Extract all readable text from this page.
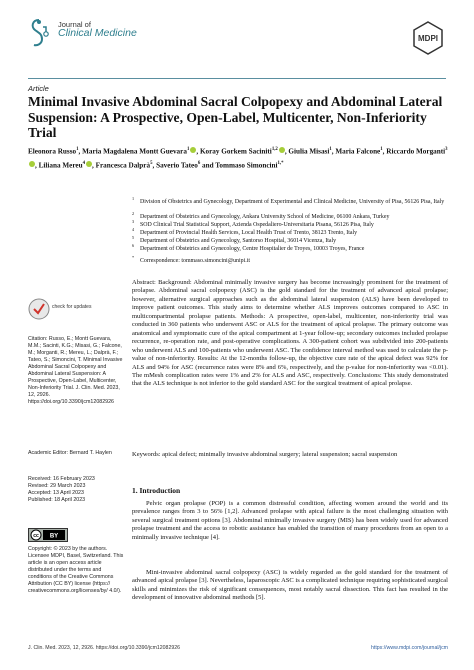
Journal of
Clinical Medicine	MDPI
Article
Minimal Invasive Abdominal Sacral Colpopexy and Abdominal Lateral Suspension: A Prospective, Open-Label, Multicenter, Non-Inferiority Trial
Eleonora Russo$^1$, Maria Magdalena Montt Guevara$^1$ , Koray Gorkem Saciniti$^{1,2}$ , Giulia Misasi$^1$, Maria Falcone$^1$, Riccardo Morganti$^3$, Liliana Mereu$^4$ , Francesca Dalprà$^5$, Saverio Tateo$^6$ and Tommaso Simoncini$^{1,*}$
$^1$Division of Obstetrics and Gynecology, Department of Experimental and Clinical Medicine, University of Pisa, 56126 Pisa, Italy
$^2$Department of Obstetrics and Gynecology, Ankara University School of Medicine, 06100 Ankara, Turkey
$^3$SOD Clinical Trial Statistical Support, Azienda Ospedaliero-Universitaria Pisana, 56126 Pisa, Italy
$^4$Department of Provincial Health Services, Local Health Trust of Trento, 38123 Trento, Italy
$^5$Department of Obstetrics and Gynecology, Santorso Hospital, 36014 Vicenza, Italy
$^6$Department of Obstetrics and Gynecology, Centre Hospitalier de Troyes, 10003 Troyes, France
*Correspondence: tommaso.simoncini@unipi.it
Abstract: Background: Abdominal minimally invasive surgery has become increasingly prominent for the treatment of prolapse. Abdominal sacral colpopexy (ASC) is the gold standard for the treatment of advanced apical prolapse; however, alternative surgical approaches such as the abdominal lateral suspension (ALS) have been developed to improve patient outcomes. This study aims to determine whether ALS improves outcomes compared to ASC in multicompartmental prolapse patients. Methods: A prospective, open-label, multicenter, non-inferiority trial was conducted in 360 patients who underwent ASC or ALS for the treatment of apical prolapse. The primary outcome was anatomical and symptomatic cure of the apical compartment at 1-year follow-up; secondary outcomes included prolapse recurrence, re-operation rate, and post-operative complications. A 300-patient cohort was subdivided into 200-patients who underwent ALS and 100-patients who underwent ASC. The confidence interval method was used to calculate the p-value of non-inferiority. Results: At the 12-months follow-up, the objective cure rate of the apical defect was 92% for ALS and 94% for ASC (recurrence rates were 8% and 6%, respectively, and the p-value for non-inferiority was <0.01). The mMesh complication rates were 1% and 2% for ALS and ASC, respectively. Conclusions: This study demonstrated that the ALS technique is not inferior to the gold standard ASC for the surgical treatment of apical prolapse.
Keywords: apical defect; minimally invasive abdominal surgery; lateral suspension; sacral suspension
check for updates
Citation: Russo, E.; Montt Guevara, M.M.; Sacinti, K.G.; Misasi, G.; Falcone, M.; Morganti, R.; Mereu, L.; Dalprà, F.; Tateo, S.; Simoncini, T. Minimal Invasive Abdominal Sacral Colpopexy and Abdominal Lateral Suspension: A Prospective, Open-Label, Multicenter, Non-Inferiority Trial. J. Clin. Med. 2023, 12, 2926. https://doi.org/10.3390/jcm12082926
Academic Editor: Bernard T. Haylen
Received: 16 February 2023
Revised: 29 March 2023
Accepted: 13 April 2023
Published: 18 April 2023
cc BY
Copyright: © 2023 by the authors. Licensee MDPI, Basel, Switzerland. This article is an open access article distributed under the terms and conditions of the Creative Commons Attribution (CC BY) license (https:// creativecommons.org/licenses/by/ 4.0/).
1. Introduction
Pelvic organ prolapse (POP) is a common distressful condition, affecting women around the world and its prevalence ranges from 3 to 56% [1,2]. Advanced prolapse with apical failure is the most challenging situation with several surgical treatment options [3]. Abdominal minimally invasive surgery (MIS) has been widely used for advanced prolapse treatment and the access to robotic assistance has enabled the transition of many procedures from an open to a minimally invasive technique [4].
Mini-invasive abdominal sacral colpopexy (ASC) is widely regarded as the gold standard for the treatment of advanced apical prolapse [3]. Nevertheless, laparoscopic ASC is a complicated technique requiring sophisticated surgical skills and minimizes the risk of significant consequences, most notably sacral dissection. This fact has resulted in the development of innovative abdominal methods [5].
J. Clin. Med. 2023, 12, 2926. https://doi.org/10.3390/jcm12082926	https://www.mdpi.com/journal/jcm
